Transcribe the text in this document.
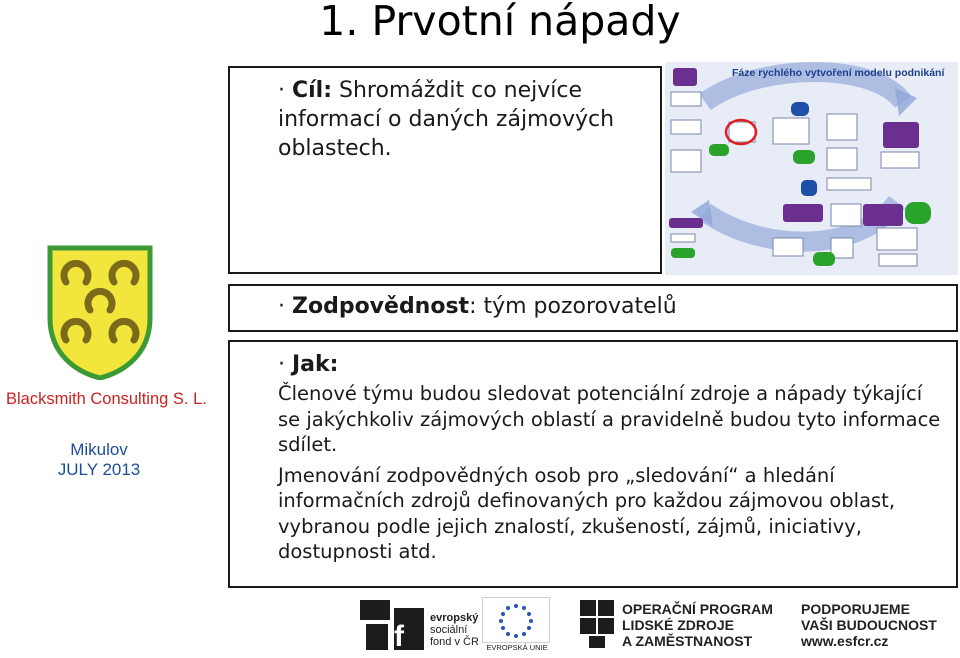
1. Prvotní nápady
· Cíl: Shromáždit co nejvíce informací o daných zájmových oblastech.
Fáze rychlého vytvoření modelu podnikání
· Zodpovědnost: tým pozorovatelů
· Jak:
Členové týmu budou sledovat potenciální zdroje a nápady týkající se jakýchkoliv zájmových oblastí a pravidelně budou tyto informace sdílet.
Jmenování zodpovědných osob pro „sledování“ a hledání informačních zdrojů definovaných pro každou zájmovou oblast, vybranou podle jejich znalostí, zkušeností, zájmů, iniciativy, dostupnosti atd.
Blacksmith Consulting S. L.
Mikulov
JULY 2013
f
evropský
sociální
fond v ČR EVROPSKÁ UNIE
OPERAČNÍ PROGRAM
LIDSKÉ ZDROJE
A ZAMĚSTNANOST
PODPORUJEME
VAŠI BUDOUCNOST
www.esfcr.cz
